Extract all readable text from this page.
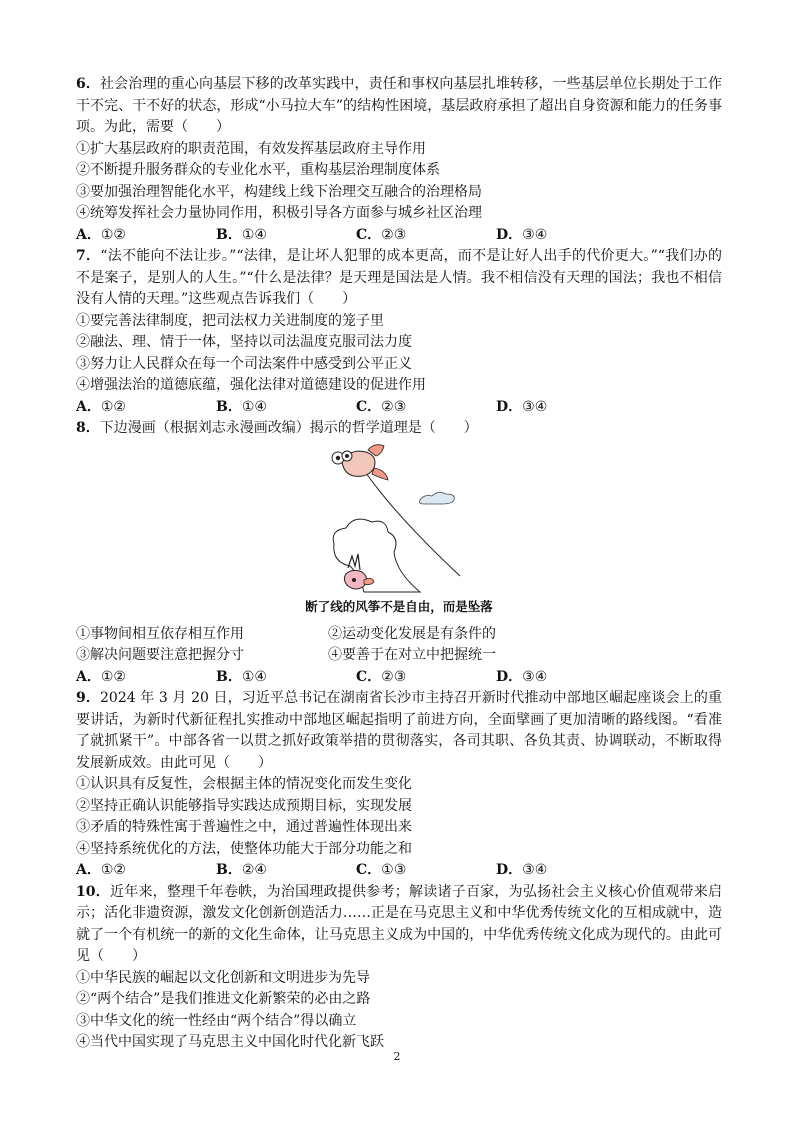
6．社会治理的重心向基层下移的改革实践中，责任和事权向基层扎堆转移，一些基层单位长期处于工作干不完、干不好的状态，形成“小马拉大车”的结构性困境，基层政府承担了超出自身资源和能力的任务事项。为此，需要（　　）
①扩大基层政府的职责范围，有效发挥基层政府主导作用
②不断提升服务群众的专业化水平，重构基层治理制度体系
③要加强治理智能化水平，构建线上线下治理交互融合的治理格局
④统筹发挥社会力量协同作用，积极引导各方面参与城乡社区治理
A．①②	B．①④	C．②③	D．③④
7．“法不能向不法让步。”“法律，是让坏人犯罪的成本更高，而不是让好人出手的代价更大。”“我们办的不是案子，是别人的人生。”“什么是法律？是天理是国法是人情。我不相信没有天理的国法；我也不相信没有人情的天理。”这些观点告诉我们（　　）
①要完善法律制度，把司法权力关进制度的笼子里
②融法、理、情于一体，坚持以司法温度克服司法力度
③努力让人民群众在每一个司法案件中感受到公平正义
④增强法治的道德底蕴，强化法律对道德建设的促进作用
A．①②	B．①④	C．②③	D．③④
8．下边漫画（根据刘志永漫画改编）揭示的哲学道理是（　　）
断了线的风筝不是自由，而是坠落
①事物间相互依存相互作用	②运动变化发展是有条件的
③解决问题要注意把握分寸	④要善于在对立中把握统一
A．①②	B．①④	C．②③	D．③④
9．2024 年 3 月 20 日，习近平总书记在湖南省长沙市主持召开新时代推动中部地区崛起座谈会上的重要讲话，为新时代新征程扎实推动中部地区崛起指明了前进方向，全面擘画了更加清晰的路线图。“看准了就抓紧干”。中部各省一以贯之抓好政策举措的贯彻落实，各司其职、各负其责、协调联动，不断取得发展新成效。由此可见（　　）
①认识具有反复性，会根据主体的情况变化而发生变化
②坚持正确认识能够指导实践达成预期目标，实现发展
③矛盾的特殊性寓于普遍性之中，通过普遍性体现出来
④坚持系统优化的方法，使整体功能大于部分功能之和
A．①②	B．②④	C．①③	D．③④
10．近年来，整理千年卷帙，为治国理政提供参考；解读诸子百家，为弘扬社会主义核心价值观带来启示；活化非遗资源，激发文化创新创造活力……正是在马克思主义和中华优秀传统文化的互相成就中，造就了一个有机统一的新的文化生命体，让马克思主义成为中国的，中华优秀传统文化成为现代的。由此可见（　　）
①中华民族的崛起以文化创新和文明进步为先导
②“两个结合”是我们推进文化新繁荣的必由之路
③中华文化的统一性经由“两个结合”得以确立
④当代中国实现了马克思主义中国化时代化新飞跃
2
